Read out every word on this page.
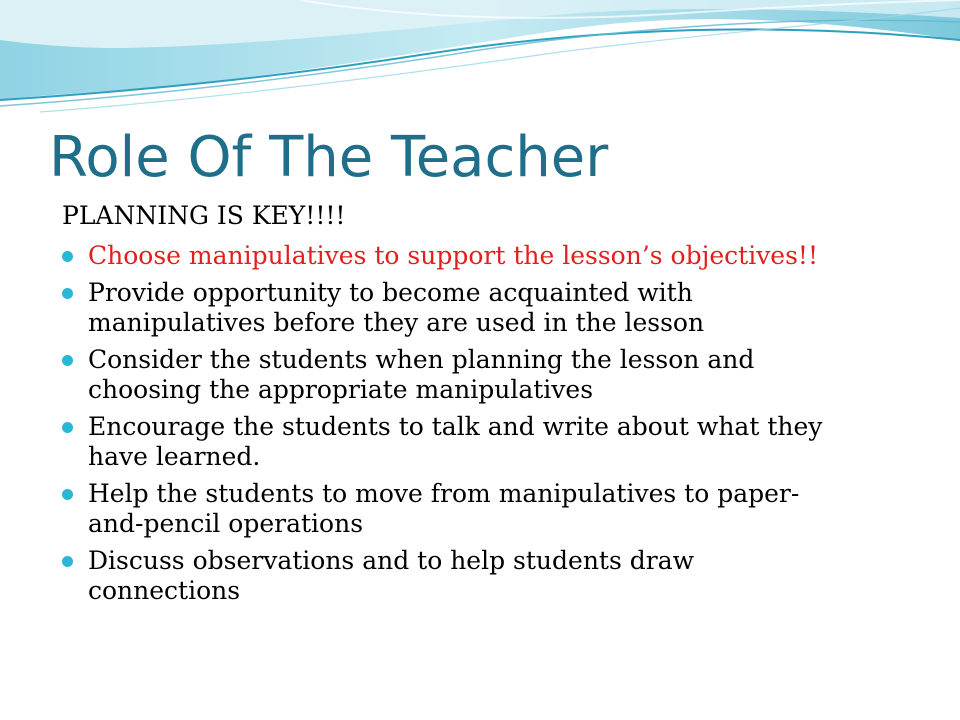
Role Of The Teacher
PLANNING IS KEY!!!!
Choose manipulatives to support the lesson’s objectives!!
Provide opportunity to become acquainted with
manipulatives before they are used in the lesson
Consider the students when planning the lesson and
choosing the appropriate manipulatives
Encourage the students to talk and write about what they
have learned.
Help the students to move from manipulatives to paper-
and-pencil operations
Discuss observations and to help students draw
connections
